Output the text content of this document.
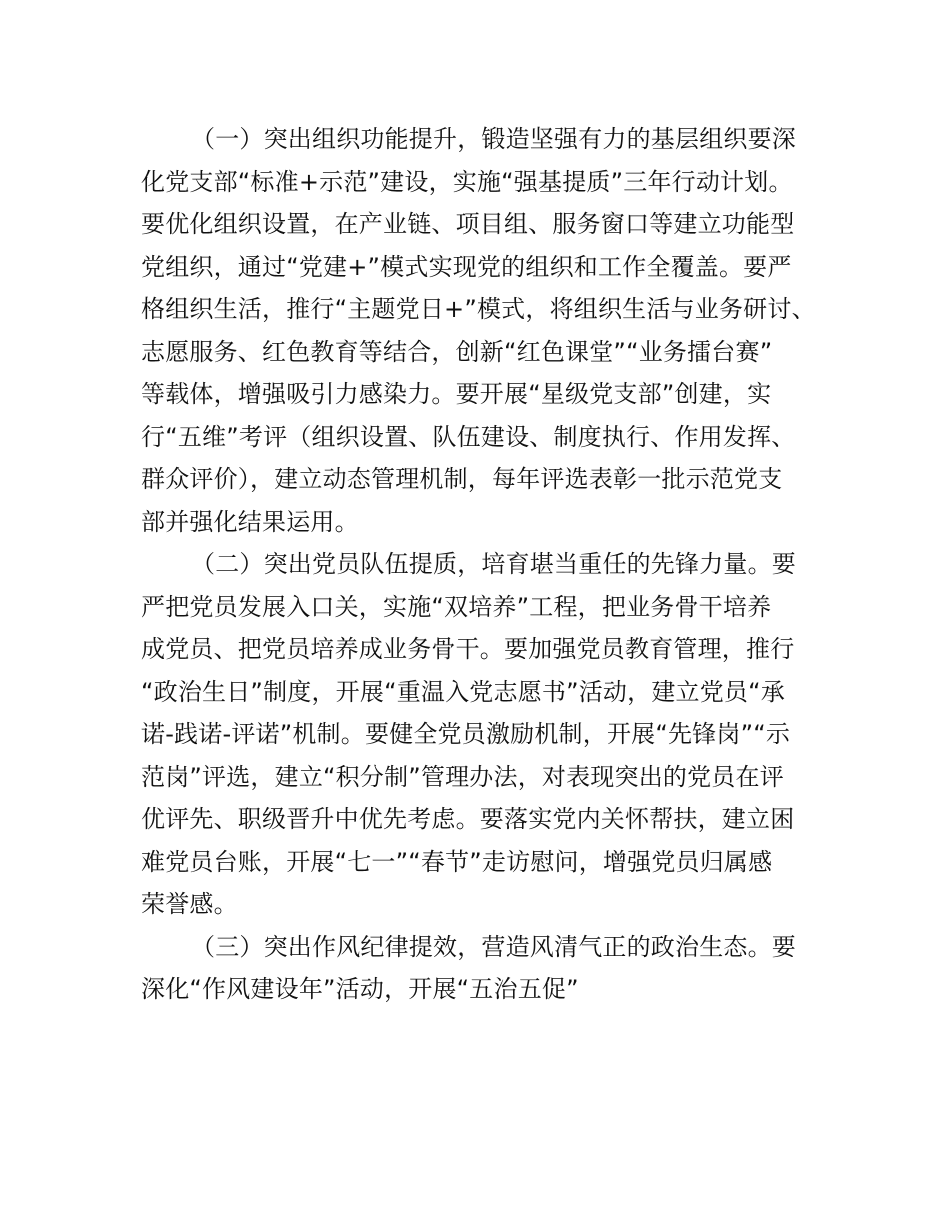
（一）突出组织功能提升，锻造坚强有力的基层组织要深
化党支部“标准+示范”建设，实施“强基提质”三年行动计划。
要优化组织设置，在产业链、项目组、服务窗口等建立功能型
党组织，通过“党建+”模式实现党的组织和工作全覆盖。要严
格组织生活，推行“主题党日+”模式，将组织生活与业务研讨、
志愿服务、红色教育等结合，创新“红色课堂”“业务擂台赛”
等载体，增强吸引力感染力。要开展“星级党支部”创建，实
行“五维”考评（组织设置、队伍建设、制度执行、作用发挥、
群众评价），建立动态管理机制，每年评选表彰一批示范党支
部并强化结果运用。
（二）突出党员队伍提质，培育堪当重任的先锋力量。要
严把党员发展入口关，实施“双培养”工程，把业务骨干培养
成党员、把党员培养成业务骨干。要加强党员教育管理，推行
“政治生日”制度，开展“重温入党志愿书”活动，建立党员“承
诺-践诺-评诺”机制。要健全党员激励机制，开展“先锋岗”“示
范岗”评选，建立“积分制”管理办法，对表现突出的党员在评
优评先、职级晋升中优先考虑。要落实党内关怀帮扶，建立困
难党员台账，开展“七一”“春节”走访慰问，增强党员归属感
荣誉感。
（三）突出作风纪律提效，营造风清气正的政治生态。要
深化“作风建设年”活动，开展“五治五促”
